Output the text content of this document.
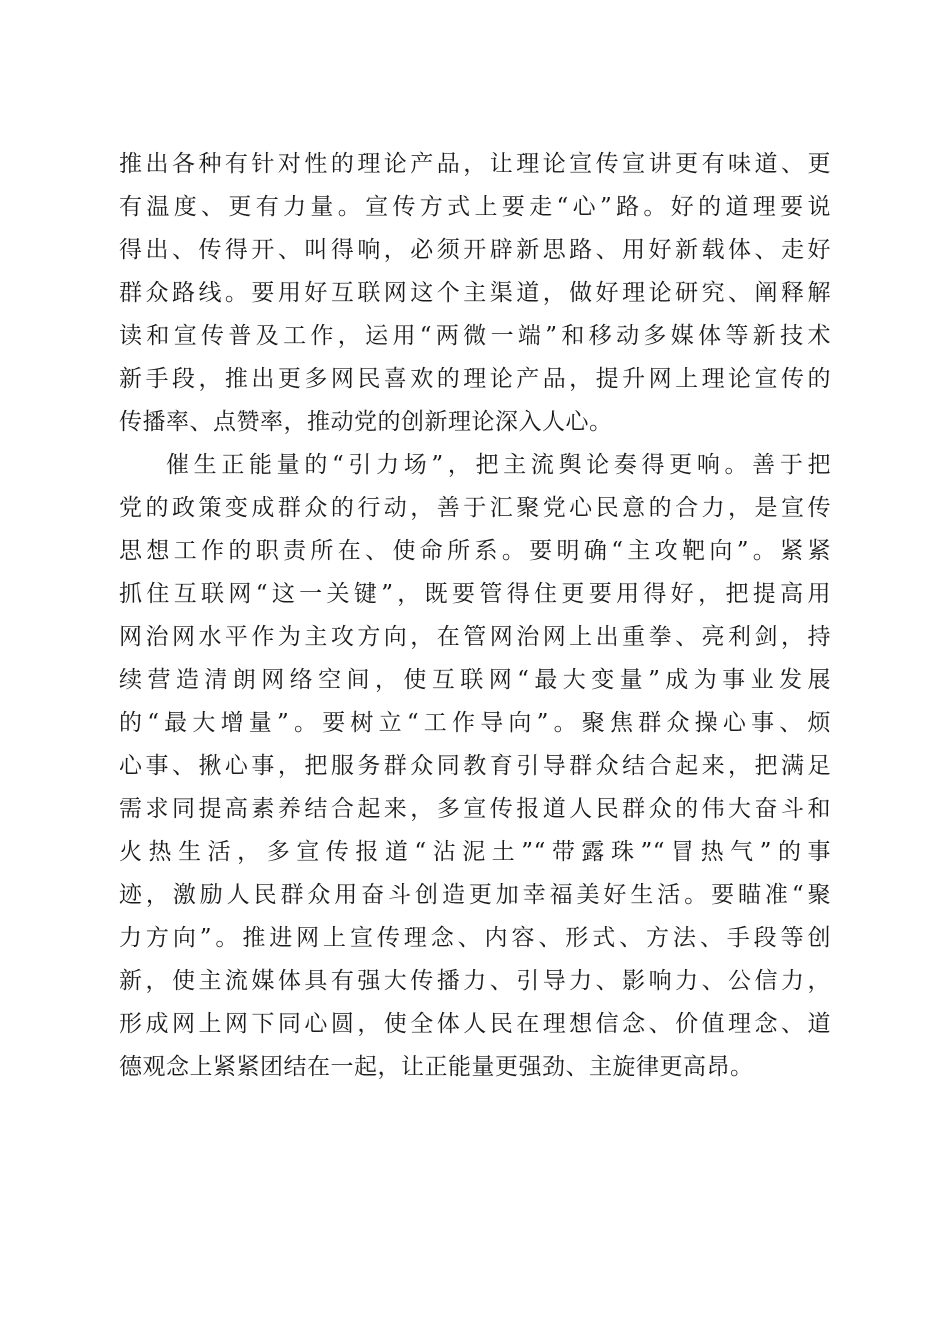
推出各种有针对性的理论产品，让理论宣传宣讲更有味道、更
有温度、更有力量。宣传方式上要走“心”路。好的道理要说
得出、传得开、叫得响，必须开辟新思路、用好新载体、走好
群众路线。要用好互联网这个主渠道，做好理论研究、阐释解
读和宣传普及工作，运用“两微一端”和移动多媒体等新技术
新手段，推出更多网民喜欢的理论产品，提升网上理论宣传的
传播率、点赞率，推动党的创新理论深入人心。
催生正能量的“引力场”，把主流舆论奏得更响。善于把
党的政策变成群众的行动，善于汇聚党心民意的合力，是宣传
思想工作的职责所在、使命所系。要明确“主攻靶向”。紧紧
抓住互联网“这一关键”，既要管得住更要用得好，把提高用
网治网水平作为主攻方向，在管网治网上出重拳、亮利剑，持
续营造清朗网络空间，使互联网“最大变量”成为事业发展
的“最大增量”。要树立“工作导向”。聚焦群众操心事、烦
心事、揪心事，把服务群众同教育引导群众结合起来，把满足
需求同提高素养结合起来，多宣传报道人民群众的伟大奋斗和
火热生活，多宣传报道“沾泥土”“带露珠”“冒热气”的事
迹，激励人民群众用奋斗创造更加幸福美好生活。要瞄准“聚
力方向”。推进网上宣传理念、内容、形式、方法、手段等创
新，使主流媒体具有强大传播力、引导力、影响力、公信力，
形成网上网下同心圆，使全体人民在理想信念、价值理念、道
德观念上紧紧团结在一起，让正能量更强劲、主旋律更高昂。
